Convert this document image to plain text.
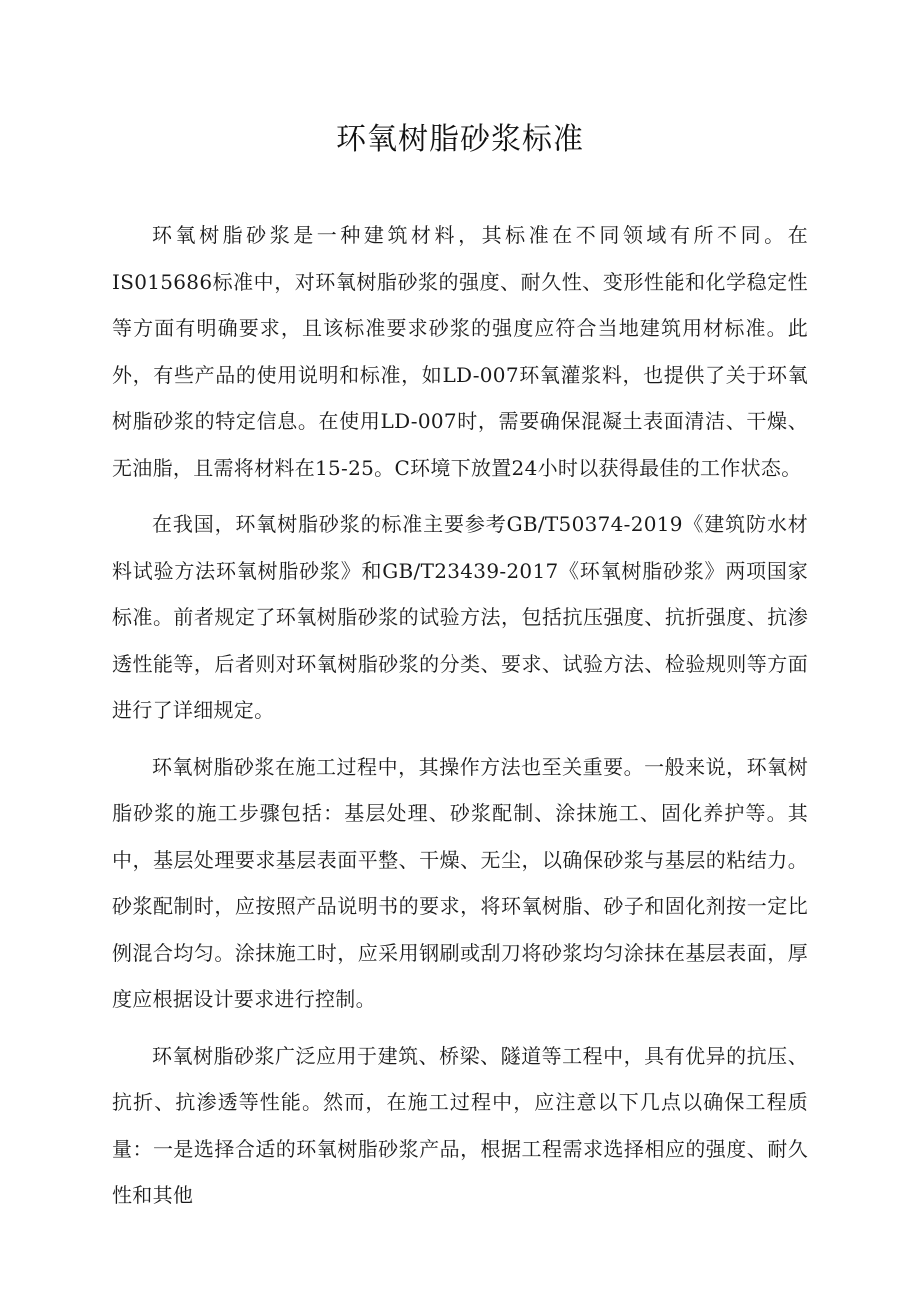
环氧树脂砂浆标准

环氧树脂砂浆是一种建筑材料，其标准在不同领域有所不同。在IS015686标准中，对环氧树脂砂浆的强度、耐久性、变形性能和化学稳定性等方面有明确要求，且该标准要求砂浆的强度应符合当地建筑用材标准。此外，有些产品的使用说明和标准，如LD-007环氧灌浆料，也提供了关于环氧树脂砂浆的特定信息。在使用LD-007时，需要确保混凝土表面清洁、干燥、无油脂，且需将材料在15-25。C环境下放置24小时以获得最佳的工作状态。

在我国，环氧树脂砂浆的标准主要参考GB/T50374-2019《建筑防水材料试验方法环氧树脂砂浆》和GB/T23439-2017《环氧树脂砂浆》两项国家标准。前者规定了环氧树脂砂浆的试验方法，包括抗压强度、抗折强度、抗渗透性能等，后者则对环氧树脂砂浆的分类、要求、试验方法、检验规则等方面进行了详细规定。

环氧树脂砂浆在施工过程中，其操作方法也至关重要。一般来说，环氧树脂砂浆的施工步骤包括：基层处理、砂浆配制、涂抹施工、固化养护等。其中，基层处理要求基层表面平整、干燥、无尘，以确保砂浆与基层的粘结力。砂浆配制时，应按照产品说明书的要求，将环氧树脂、砂子和固化剂按一定比例混合均匀。涂抹施工时，应采用钢刷或刮刀将砂浆均匀涂抹在基层表面，厚度应根据设计要求进行控制。

环氧树脂砂浆广泛应用于建筑、桥梁、隧道等工程中，具有优异的抗压、抗折、抗渗透等性能。然而，在施工过程中，应注意以下几点以确保工程质量：一是选择合适的环氧树脂砂浆产品，根据工程需求选择相应的强度、耐久性和其他
